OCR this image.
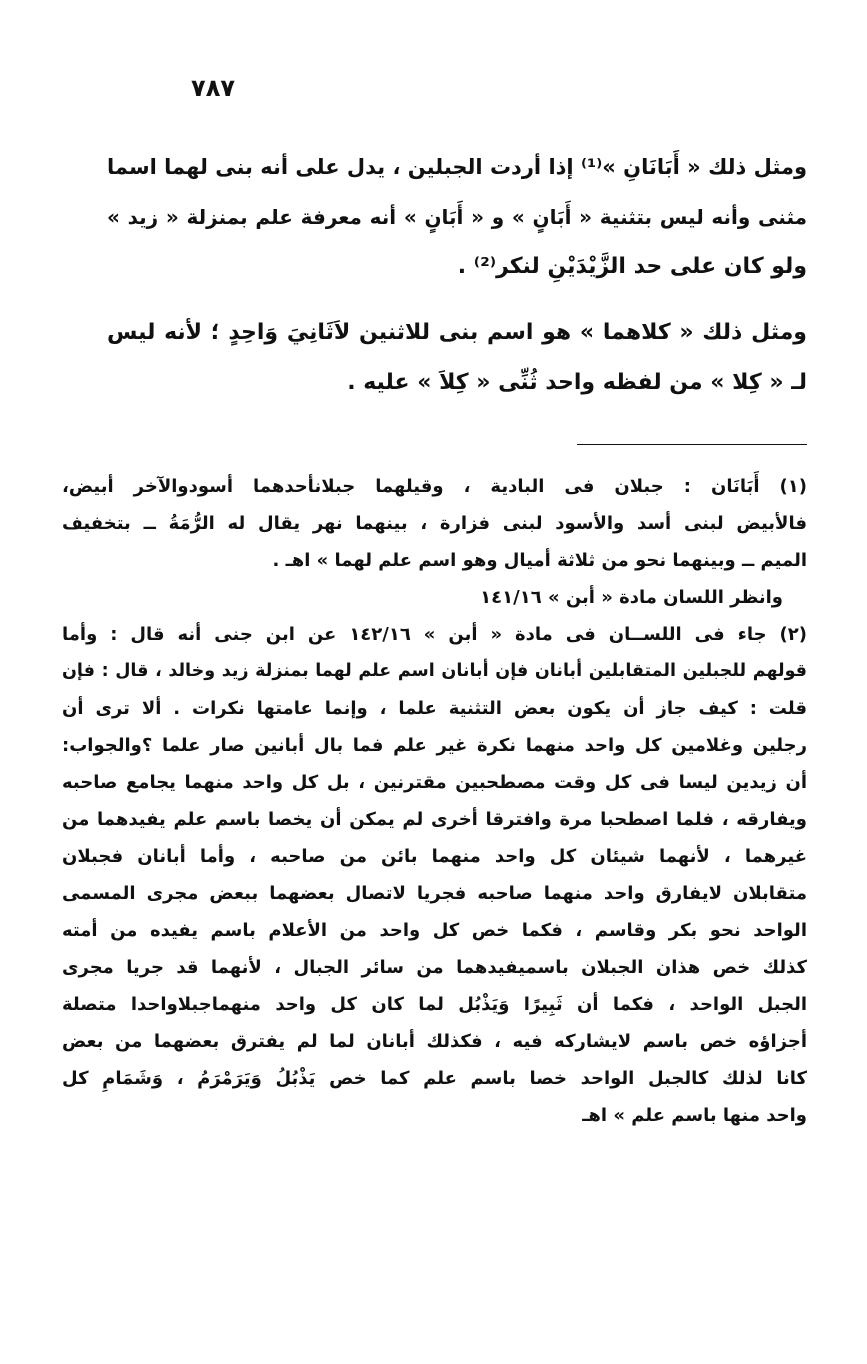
٧٨٧
ومثل ذلك « أَبَانَانِ »⁽¹⁾ إذا أردت الجبلين ، يدل على أنه بنى لهما اسما
مثنى وأنه ليس بتثنية « أَبَانٍ » و « أَبَانٍ » أنه معرفة علم بمنزلة « زيد »
ولو كان على حد الزَّيْدَيْنِ لنكر⁽²⁾ .
ومثل ذلك « كلاهما » هو اسم بنى للاثنين لاَثَانِيَ وَاحِدٍ ؛ لأنه ليس
لـ « كِلا » من لفظه واحد ثُنِّى « كِلاَ » عليه .
(١) أَبَانَان : جبلان فى البادية ، وقيلهما جبلانأحدهما أسودوالآخر أبيض،
فالأبيض لبنى أسد والأسود لبنى فزارة ، بينهما نهر يقال له الرُّمَةُ ــ بتخفيف
الميم ــ وبينهما نحو من ثلاثة أميال وهو اسم علم لهما » اهـ .
وانظر اللسان مادة « أبن » ١٤١/١٦
(٢) جاء فى اللســان فى مادة « أبن » ١٤٢/١٦ عن ابن جنى أنه قال : وأما
قولهم للجبلين المتقابلين أبانان فإن أبانان اسم علم لهما بمنزلة زيد وخالد ، قال : فإن
قلت : كيف جاز أن يكون بعض التثنية علما ، وإنما عامتها نكرات . ألا ترى أن
رجلين وغلامين كل واحد منهما نكرة غير علم فما بال أبانين صار علما ؟والجواب:
أن زيدين ليسا فى كل وقت مصطحبين مقترنين ، بل كل واحد منهما يجامع صاحبه
ويفارقه ، فلما اصطحبا مرة وافترقا أخرى لم يمكن أن يخصا باسم علم يفيدهما من
غيرهما ، لأنهما شيئان كل واحد منهما بائن من صاحبه ، وأما أبانان فجبلان
متقابلان لايفارق واحد منهما صاحبه فجريا لاتصال بعضهما ببعض مجرى المسمى
الواحد نحو بكر وقاسم ، فكما خص كل واحد من الأعلام باسم يفيده من أمته
كذلك خص هذان الجبلان باسميفيدهما من سائر الجبال ، لأنهما قد جريا مجرى
الجبل الواحد ، فكما أن ثَبِيرًا وَيَذْبُل لما كان كل واحد منهماجبلاواحدا متصلة
أجزاؤه خص باسم لايشاركه فيه ، فكذلك أبانان لما لم يفترق بعضهما من بعض
كانا لذلك كالجبل الواحد خصا باسم علم كما خص يَذْبُلُ وَيَرَمْرَمُ ، وَشَمَامِ كل
واحد منها باسم علم » اهـ
